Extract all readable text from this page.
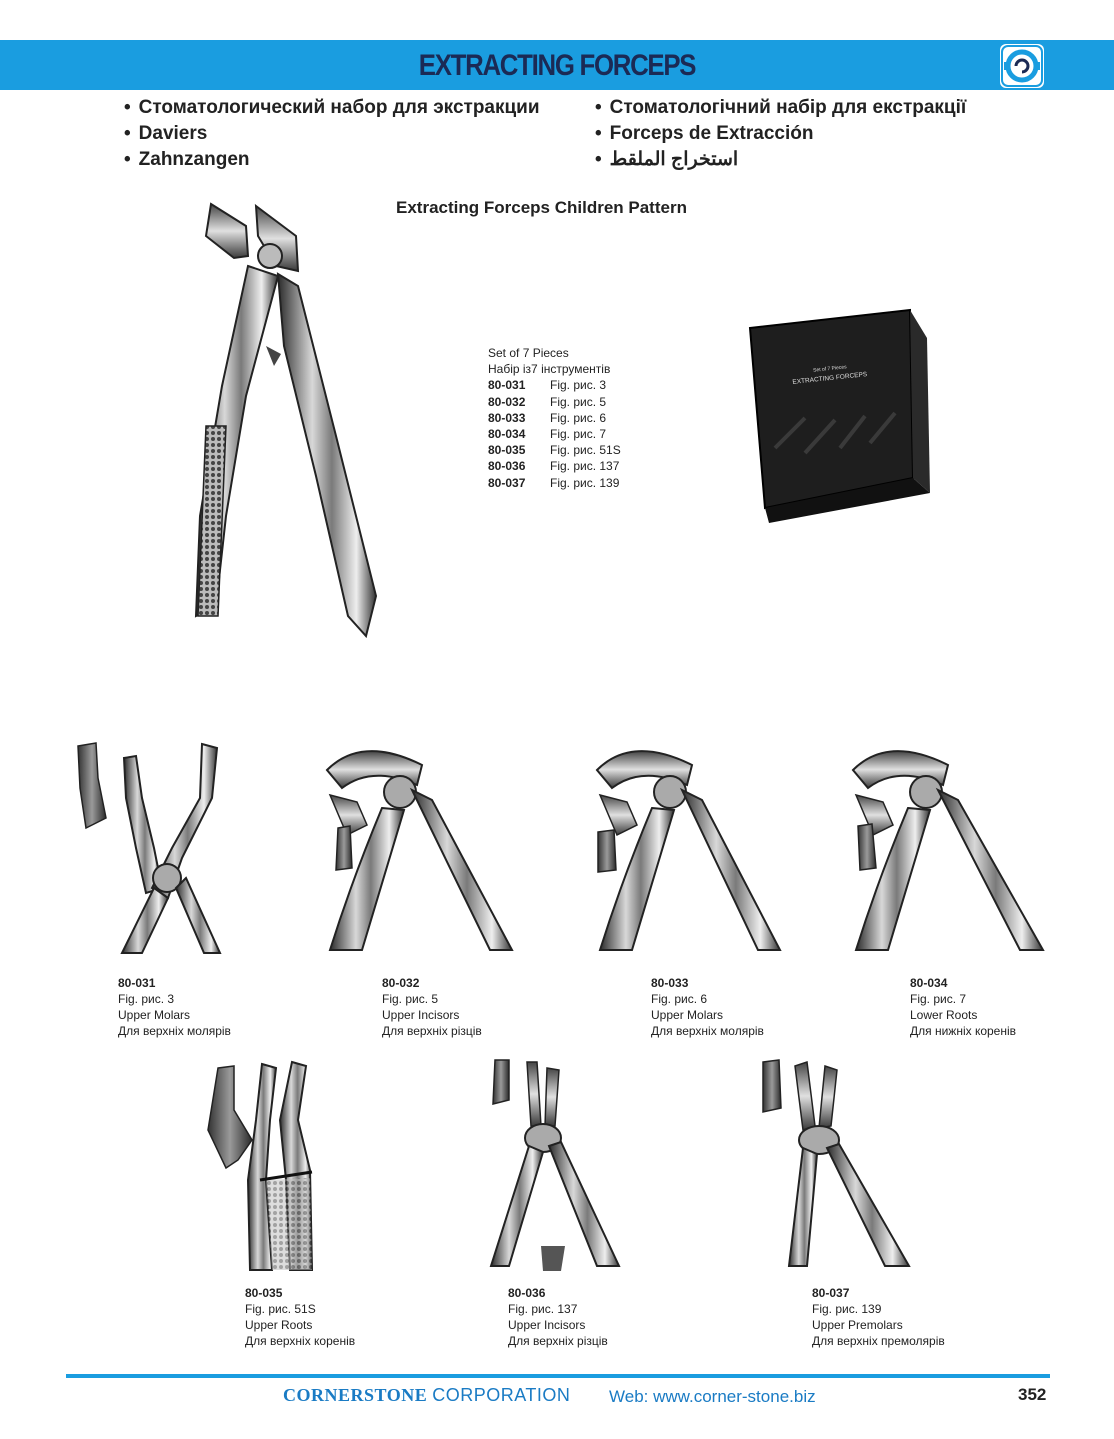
EXTRACTING FORCEPS
• Стоматологический набор для экстракции
• Daviers
• Zahnzangen
• Стоматологічний набір для екстракції
• Forceps de Extracción
• استخراج الملقط
Extracting Forceps Children Pattern
Set of 7 Pieces
Набір із7 інструментів
80-031 Fig. рис. 3
80-032 Fig. рис. 5
80-033 Fig. рис. 6
80-034 Fig. рис. 7
80-035 Fig. рис. 51S
80-036 Fig. рис. 137
80-037 Fig. рис. 139
Set of 7 Pieces
EXTRACTING FORCEPS
80-031
Fig. рис. 3
Upper Molars
Для верхніх молярів
80-032
Fig. рис. 5
Upper Incisors
Для верхніх різців
80-033
Fig. рис. 6
Upper Molars
Для верхніх молярів
80-034
Fig. рис. 7
Lower Roots
Для нижніх коренів
80-035
Fig. рис. 51S
Upper Roots
Для верхніх коренів
80-036
Fig. рис. 137
Upper Incisors
Для верхніх різців
80-037
Fig. рис. 139
Upper Premolars
Для верхніх премолярів
CORNERSTONE CORPORATION Web: www.corner-stone.biz	352
